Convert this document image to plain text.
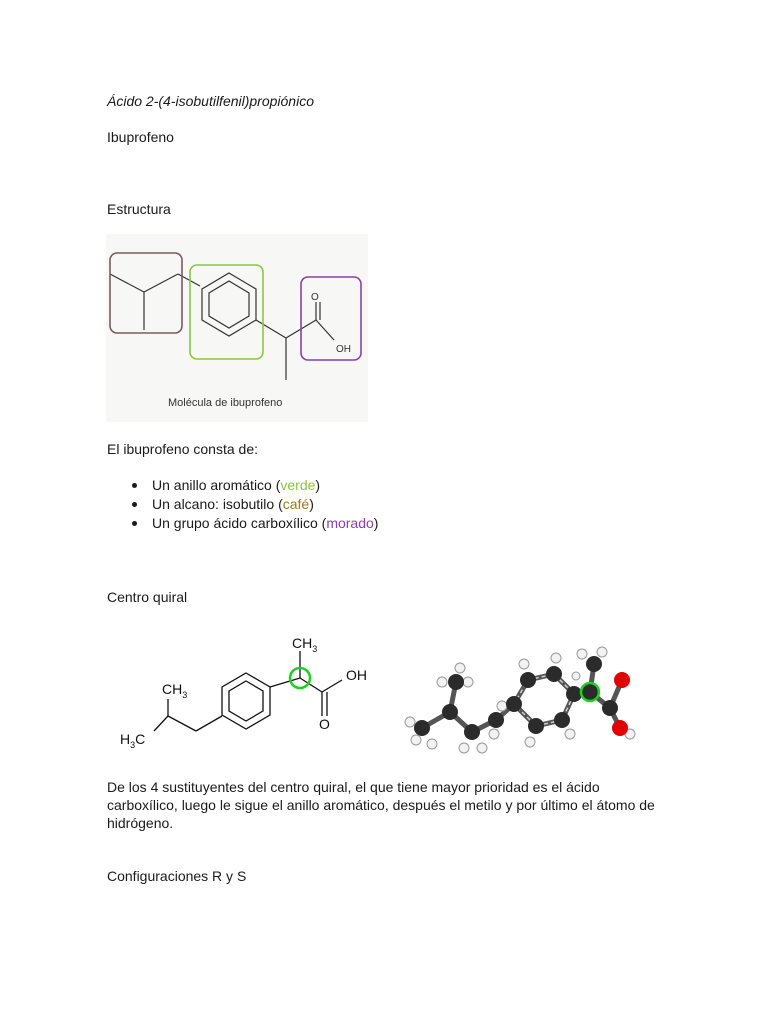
Ácido 2-(4-isobutilfenil)propiónico

Ibuprofeno

Estructura

O
OH
Molécula de ibuprofeno

El ibuprofeno consta de:

Un anillo aromático (verde)
Un alcano: isobutilo (café)
Un grupo ácido carboxílico (morado)

Centro quiral

$CH_3$
OH
O
$CH_3$
$H_3C$

De los 4 sustituyentes del centro quiral, el que tiene mayor prioridad es el ácido carboxílico, luego le sigue el anillo aromático, después el metilo y por último el átomo de hidrógeno.

Configuraciones R y S
